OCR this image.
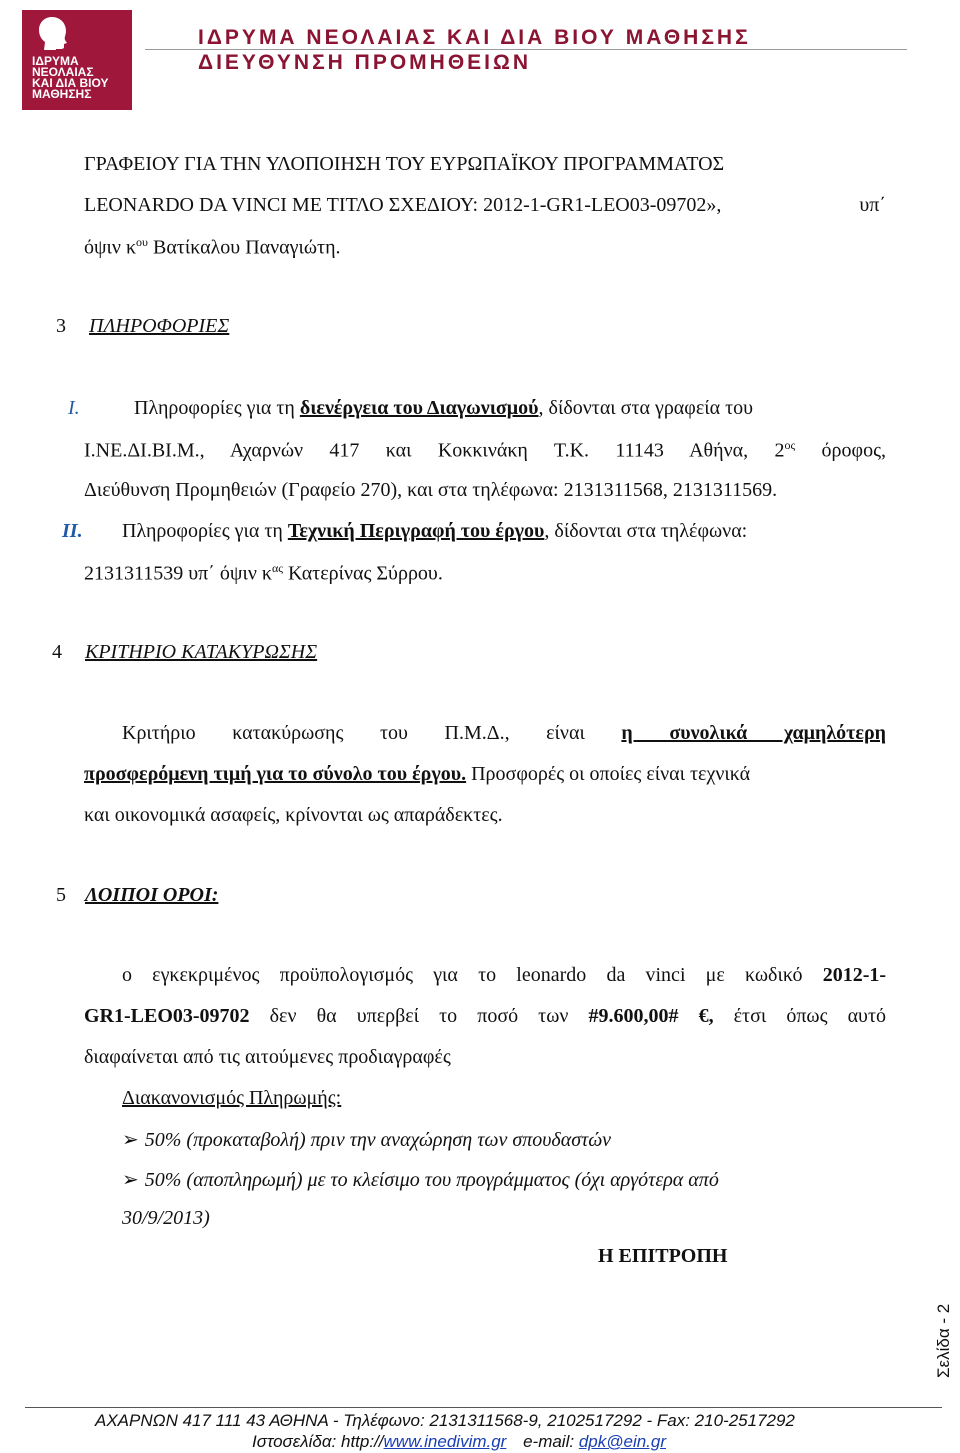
ΙΔΡΥΜΑ
ΝΕΟΛΑΙΑΣ
ΚΑΙ ΔΙΑ ΒΙΟΥ
ΜΑΘΗΣΗΣ
ΙΔΡΥΜΑ ΝΕΟΛΑΙΑΣ ΚΑΙ ΔΙΑ ΒΙΟΥ ΜΑΘΗΣΗΣ
ΔΙΕΥΘΥΝΣΗ ΠΡΟΜΗΘΕΙΩΝ
ΓΡΑΦΕΙΟΥ ΓΙΑ ΤΗΝ ΥΛΟΠΟΙΗΣΗ ΤΟΥ ΕΥΡΩΠΑΪΚΟΥ ΠΡΟΓΡΑΜΜΑΤΟΣ
LEONARDO DA VINCI ΜΕ ΤΙΤΛΟ ΣΧΕΔΙΟΥ: 2012-1-GR1-LEO03-09702»,	υπ΄
όψιν $\kappa^{o\upsilon}$ Βατίκαλου Παναγιώτη.
3 ΠΛΗΡΟΦΟΡΙΕΣ
I.	Πληροφορίες για τη διενέργεια του Διαγωνισμού, δίδονται στα γραφεία του
Ι.ΝΕ.ΔΙ.ΒΙ.Μ., Αχαρνών 417 και Κοκκινάκη Τ.Κ. 11143 Αθήνα, $2^{o\varsigma}$ όροφος,
Διεύθυνση Προμηθειών (Γραφείο 270), και στα τηλέφωνα: 2131311568, 2131311569.
II. Πληροφορίες για τη Τεχνική Περιγραφή του έργου, δίδονται στα τηλέφωνα:
2131311539 υπ΄ όψιν $\kappa^{\alpha\varsigma}$ Κατερίνας Σύρρου.
4 ΚΡΙΤΗΡΙΟ ΚΑΤΑΚΥΡΩΣΗΣ
Κριτήριο κατακύρωσης του Π.Μ.Δ., είναι η συνολικά χαμηλότερη
προσφερόμενη τιμή για το σύνολο του έργου. Προσφορές οι οποίες είναι τεχνικά
και οικονομικά ασαφείς, κρίνονται ως απαράδεκτες.
5 ΛΟΙΠΟΙ ΟΡΟΙ:
ο εγκεκριμένος προϋπολογισμός για το leonardo da vinci με κωδικό 2012-1-
GR1-LEO03-09702 δεν θα υπερβεί το ποσό των #9.600,00# €, έτσι όπως αυτό
διαφαίνεται από τις αιτούμενες προδιαγραφές
Διακανονισμός Πληρωμής:
➢ 50% (προκαταβολή) πριν την αναχώρηση των σπουδαστών
➢ 50% (αποπληρωμή) με το κλείσιμο του προγράμματος (όχι αργότερα από
30/9/2013)
Η ΕΠΙΤΡΟΠΗ
Σελίδα - 2
ΑΧΑΡΝΩΝ 417 111 43 ΑΘΗΝΑ - Τηλέφωνο: 2131311568-9, 2102517292 - Fax: 210-2517292
Ιστοσελίδα: http://www.inedivim.gr e-mail: dpk@ein.gr
